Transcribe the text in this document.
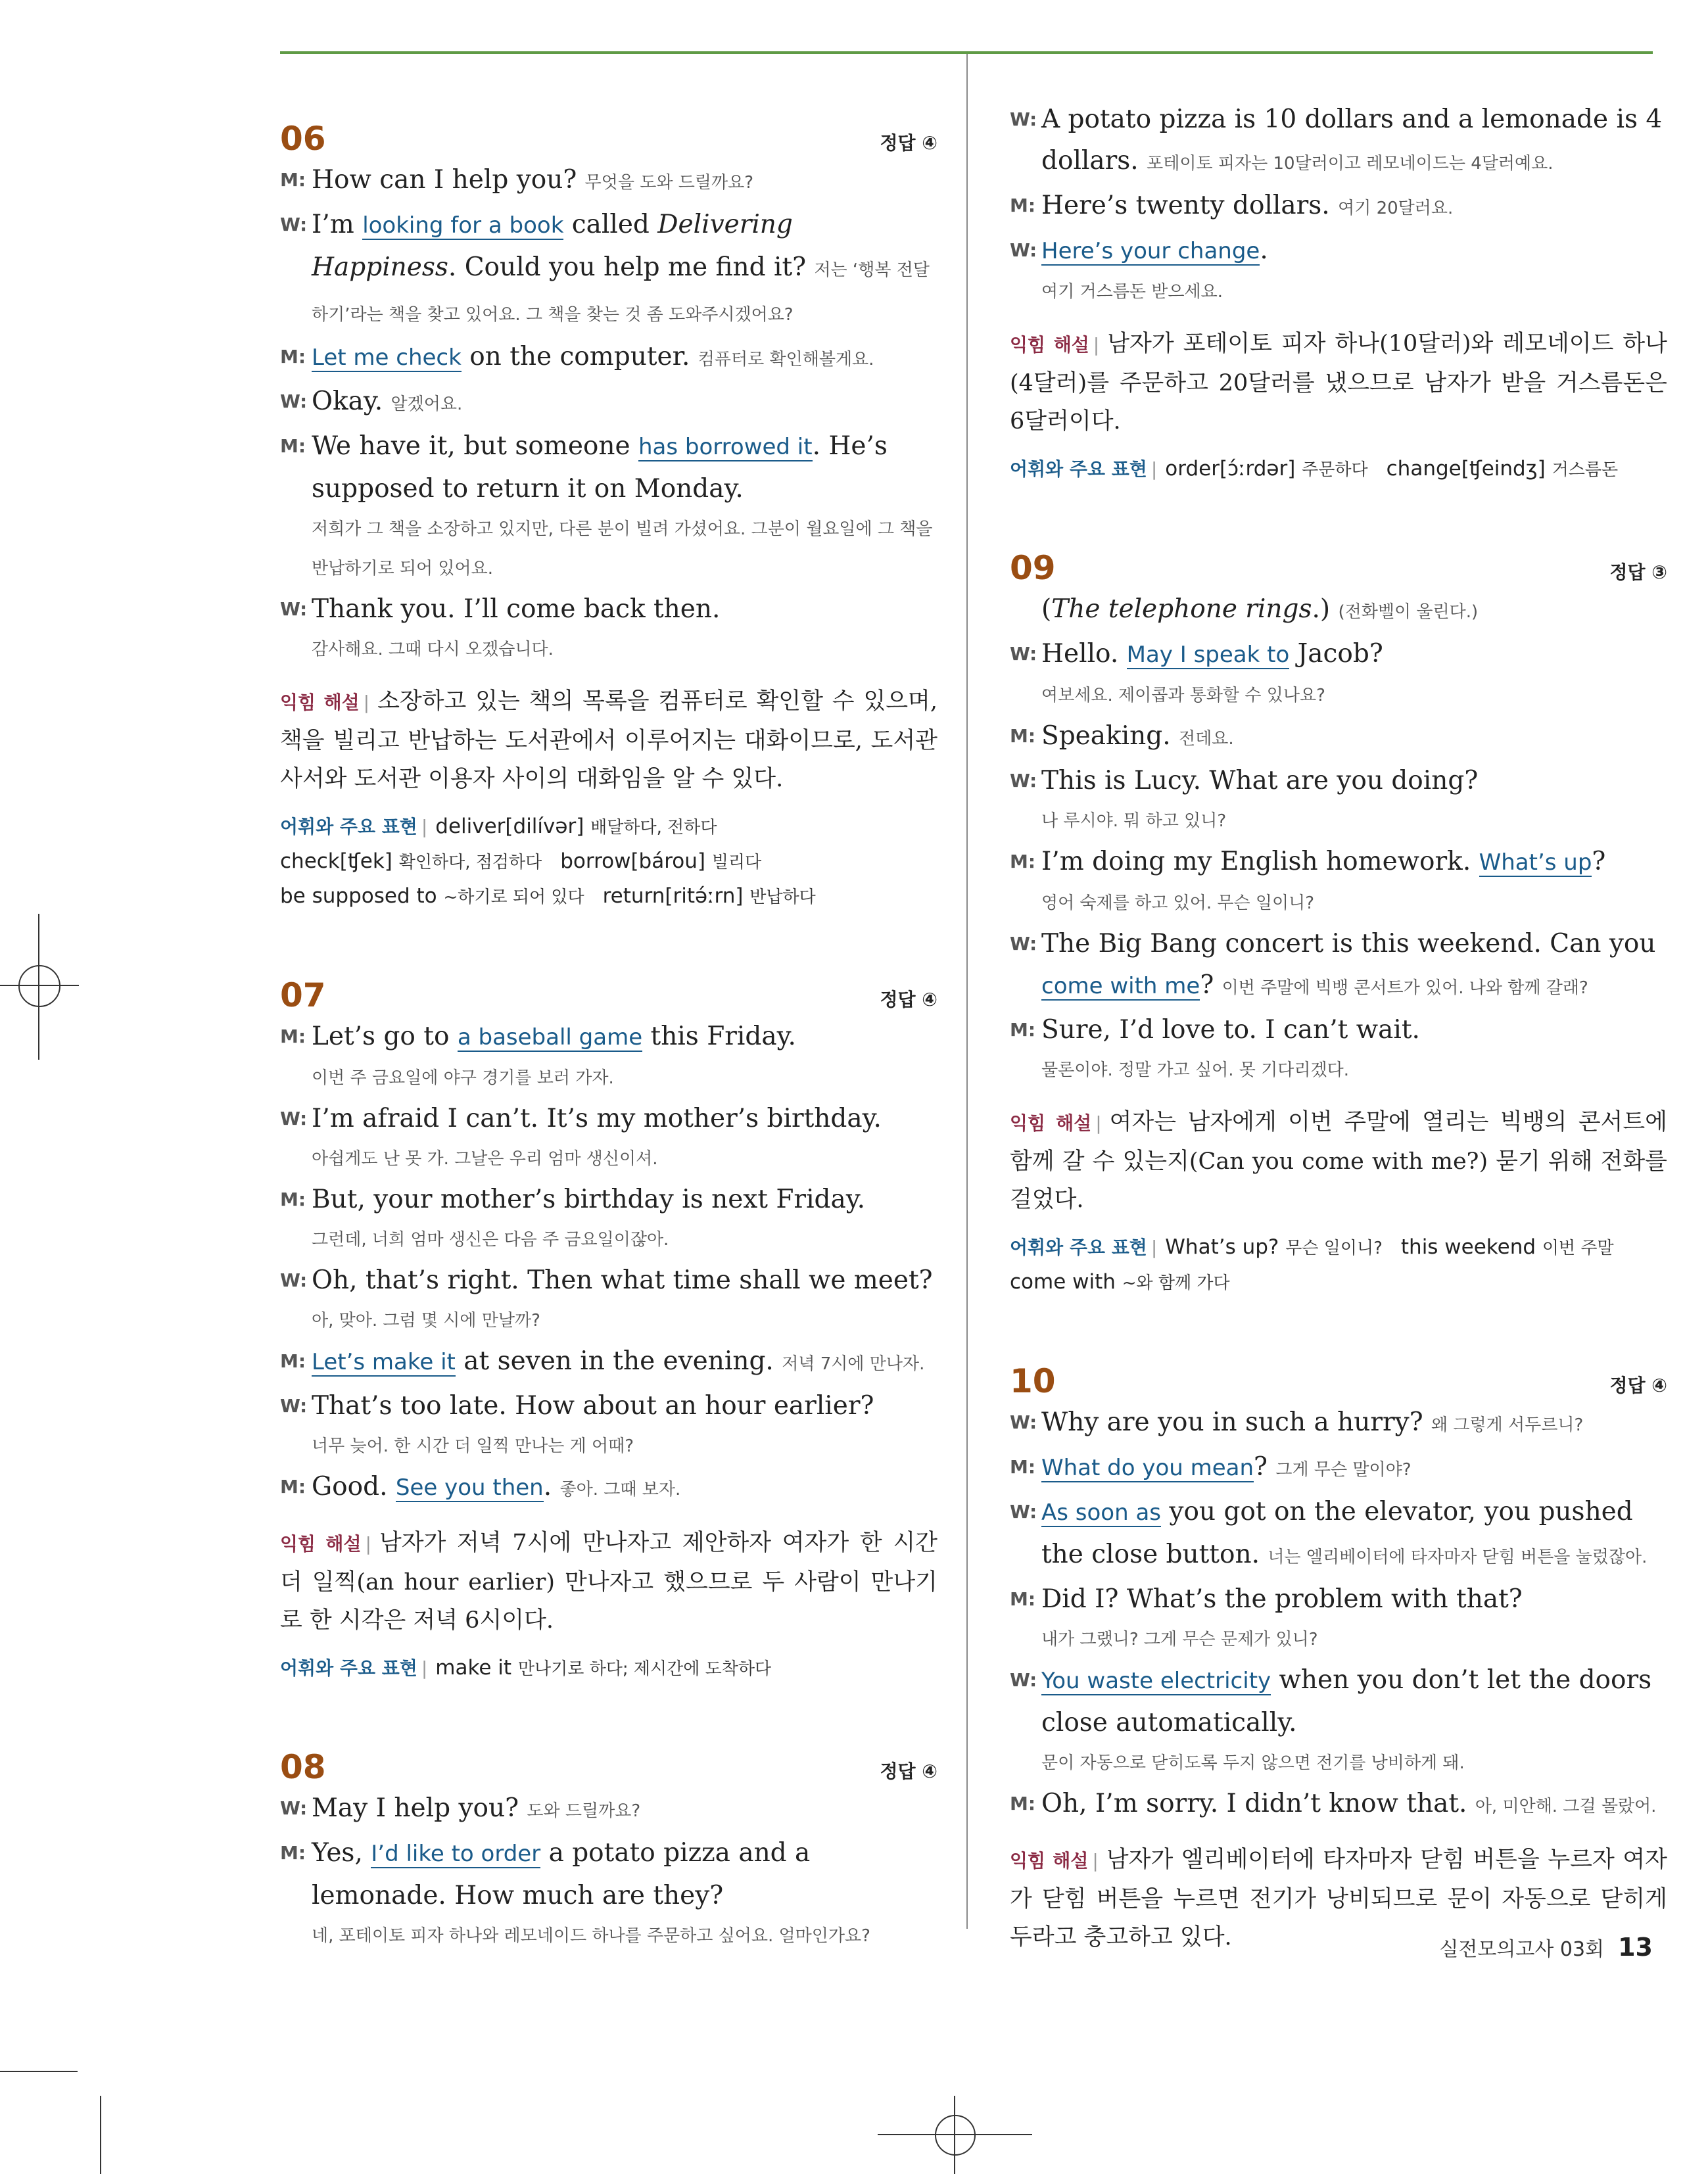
06	정답 ④
M: How can I help you? 무엇을 도와 드릴까요?
W: I’m looking for a book called Delivering Happiness. Could you help me find it? 저는 ‘행복 전달하기’라는 책을 찾고 있어요. 그 책을 찾는 것 좀 도와주시겠어요?
M: Let me check on the computer. 컴퓨터로 확인해볼게요.
W: Okay. 알겠어요.
M: We have it, but someone has borrowed it. He’s supposed to return it on Monday.
저희가 그 책을 소장하고 있지만, 다른 분이 빌려 가셨어요. 그분이 월요일에 그 책을 반납하기로 되어 있어요.
W: Thank you. I’ll come back then.
감사해요. 그때 다시 오겠습니다.
익힘 해설 | 소장하고 있는 책의 목록을 컴퓨터로 확인할 수 있으며, 책을 빌리고 반납하는 도서관에서 이루어지는 대화이므로, 도서관 사서와 도서관 이용자 사이의 대화임을 알 수 있다.
어휘와 주요 표현 | deliver[dilívər] 배달하다, 전하다check[ʧek] 확인하다, 점검하다 borrow[bárou] 빌리다be supposed to ~하기로 되어 있다 return[ritə́ːrn] 반납하다
07	정답 ④
M: Let’s go to a baseball game this Friday.
이번 주 금요일에 야구 경기를 보러 가자.
W: I’m afraid I can’t. It’s my mother’s birthday.
아쉽게도 난 못 가. 그날은 우리 엄마 생신이셔.
M: But, your mother’s birthday is next Friday.
그런데, 너희 엄마 생신은 다음 주 금요일이잖아.
W: Oh, that’s right. Then what time shall we meet?
아, 맞아. 그럼 몇 시에 만날까?
M: Let’s make it at seven in the evening. 저녁 7시에 만나자.
W: That’s too late. How about an hour earlier?
너무 늦어. 한 시간 더 일찍 만나는 게 어때?
M: Good. See you then. 좋아. 그때 보자.
익힘 해설 | 남자가 저녁 7시에 만나자고 제안하자 여자가 한 시간 더 일찍(an hour earlier) 만나자고 했으므로 두 사람이 만나기로 한 시각은 저녁 6시이다.
어휘와 주요 표현 | make it 만나기로 하다; 제시간에 도착하다
08	정답 ④
W: May I help you? 도와 드릴까요?
M: Yes, I’d like to order a potato pizza and a lemonade. How much are they?
네, 포테이토 피자 하나와 레모네이드 하나를 주문하고 싶어요. 얼마인가요?
W: A potato pizza is 10 dollars and a lemonade is 4 dollars. 포테이토 피자는 10달러이고 레모네이드는 4달러예요.
M: Here’s twenty dollars. 여기 20달러요.
W: Here’s your change.
여기 거스름돈 받으세요.
익힘 해설 | 남자가 포테이토 피자 하나(10달러)와 레모네이드 하나(4달러)를 주문하고 20달러를 냈으므로 남자가 받을 거스름돈은 6달러이다.
어휘와 주요 표현 | order[ɔ́ːrdər] 주문하다 change[ʧeindʒ] 거스름돈
09	정답 ③
(The telephone rings.) (전화벨이 울린다.)
W: Hello. May I speak to Jacob?
여보세요. 제이콥과 통화할 수 있나요?
M: Speaking. 전데요.
W: This is Lucy. What are you doing?
나 루시야. 뭐 하고 있니?
M: I’m doing my English homework. What’s up?
영어 숙제를 하고 있어. 무슨 일이니?
W: The Big Bang concert is this weekend. Can you come with me? 이번 주말에 빅뱅 콘서트가 있어. 나와 함께 갈래?
M: Sure, I’d love to. I can’t wait.
물론이야. 정말 가고 싶어. 못 기다리겠다.
익힘 해설 | 여자는 남자에게 이번 주말에 열리는 빅뱅의 콘서트에 함께 갈 수 있는지(Can you come with me?) 묻기 위해 전화를 걸었다.
어휘와 주요 표현 | What’s up? 무슨 일이니? this weekend 이번 주말come with ~와 함께 가다
10	정답 ④
W: Why are you in such a hurry? 왜 그렇게 서두르니?
M: What do you mean? 그게 무슨 말이야?
W: As soon as you got on the elevator, you pushed the close button. 너는 엘리베이터에 타자마자 닫힘 버튼을 눌렀잖아.
M: Did I? What’s the problem with that?
내가 그랬니? 그게 무슨 문제가 있니?
W: You waste electricity when you don’t let the doors close automatically.
문이 자동으로 닫히도록 두지 않으면 전기를 낭비하게 돼.
M: Oh, I’m sorry. I didn’t know that. 아, 미안해. 그걸 몰랐어.
익힘 해설 | 남자가 엘리베이터에 타자마자 닫힘 버튼을 누르자 여자가 닫힘 버튼을 누르면 전기가 낭비되므로 문이 자동으로 닫히게 두라고 충고하고 있다.	실전모의고사 03회 13
